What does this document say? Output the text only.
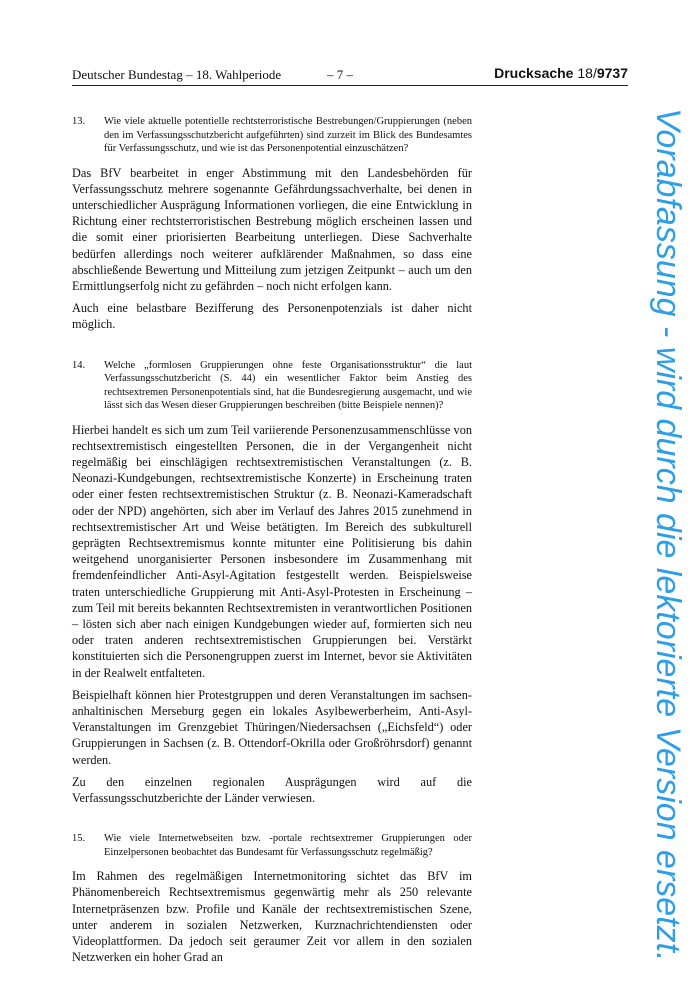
Deutscher Bundestag – 18. Wahlperiode	– 7 –	Drucksache 18/9737
13. Wie viele aktuelle potentielle rechtsterroristische Bestrebungen/Gruppierungen (neben den im Verfassungsschutzbericht aufgeführten) sind zurzeit im Blick des Bundesamtes für Verfassungsschutz, und wie ist das Personenpotential einzuschätzen?

Das BfV bearbeitet in enger Abstimmung mit den Landesbehörden für Verfassungsschutz mehrere sogenannte Gefährdungssachverhalte, bei denen in unterschiedlicher Ausprägung Informationen vorliegen, die eine Entwicklung in Richtung einer rechtsterroristischen Bestrebung möglich erscheinen lassen und die somit einer priorisierten Bearbeitung unterliegen. Diese Sachverhalte bedürfen allerdings noch weiterer aufklärender Maßnahmen, so dass eine abschließende Bewertung und Mitteilung zum jetzigen Zeitpunkt – auch um den Ermittlungserfolg nicht zu gefährden – noch nicht erfolgen kann.

Auch eine belastbare Bezifferung des Personenpotenzials ist daher nicht möglich.

14. Welche „formlosen Gruppierungen ohne feste Organisationsstruktur“ die laut Verfassungsschutzbericht (S. 44) ein wesentlicher Faktor beim Anstieg des rechtsextremen Personenpotentials sind, hat die Bundesregierung ausgemacht, und wie lässt sich das Wesen dieser Gruppierungen beschreiben (bitte Beispiele nennen)?

Hierbei handelt es sich um zum Teil variierende Personenzusammenschlüsse von rechtsextremistisch eingestellten Personen, die in der Vergangenheit nicht regelmäßig bei einschlägigen rechtsextremistischen Veranstaltungen (z. B. Neonazi-Kundgebungen, rechtsextremistische Konzerte) in Erscheinung traten oder einer festen rechtsextremistischen Struktur (z. B. Neonazi-Kameradschaft oder der NPD) angehörten, sich aber im Verlauf des Jahres 2015 zunehmend in rechtsextremistischer Art und Weise betätigten. Im Bereich des subkulturell geprägten Rechtsextremismus konnte mitunter eine Politisierung bis dahin weitgehend unorganisierter Personen insbesondere im Zusammenhang mit fremdenfeindlicher Anti-Asyl-Agitation festgestellt werden. Beispielsweise traten unterschiedliche Gruppierung mit Anti-Asyl-Protesten in Erscheinung – zum Teil mit bereits bekannten Rechtsextremisten in verantwortlichen Positionen – lösten sich aber nach einigen Kundgebungen wieder auf, formierten sich neu oder traten anderen rechtsextremistischen Gruppierungen bei. Verstärkt konstituierten sich die Personengruppen zuerst im Internet, bevor sie Aktivitäten in der Realwelt entfalteten.

Beispielhaft können hier Protestgruppen und deren Veranstaltungen im sachsen-anhaltinischen Merseburg gegen ein lokales Asylbewerberheim, Anti-Asyl-Veranstaltungen im Grenzgebiet Thüringen/Niedersachsen („Eichsfeld“) oder Gruppierungen in Sachsen (z. B. Ottendorf-Okrilla oder Großröhrsdorf) genannt werden.

Zu den einzelnen regionalen Ausprägungen wird auf die Verfassungsschutzberichte der Länder verwiesen.

15. Wie viele Internetwebseiten bzw. -portale rechtsextremer Gruppierungen oder Einzelpersonen beobachtet das Bundesamt für Verfassungsschutz regelmäßig?

Im Rahmen des regelmäßigen Internetmonitoring sichtet das BfV im Phänomenbereich Rechtsextremismus gegenwärtig mehr als 250 relevante Internetpräsenzen bzw. Profile und Kanäle der rechtsextremistischen Szene, unter anderem in sozialen Netzwerken, Kurznachrichtendiensten oder Videoplattformen. Da jedoch seit geraumer Zeit vor allem in den sozialen Netzwerken ein hoher Grad an	Vorabfassung - wird durch die lektorierte Version ersetzt.
